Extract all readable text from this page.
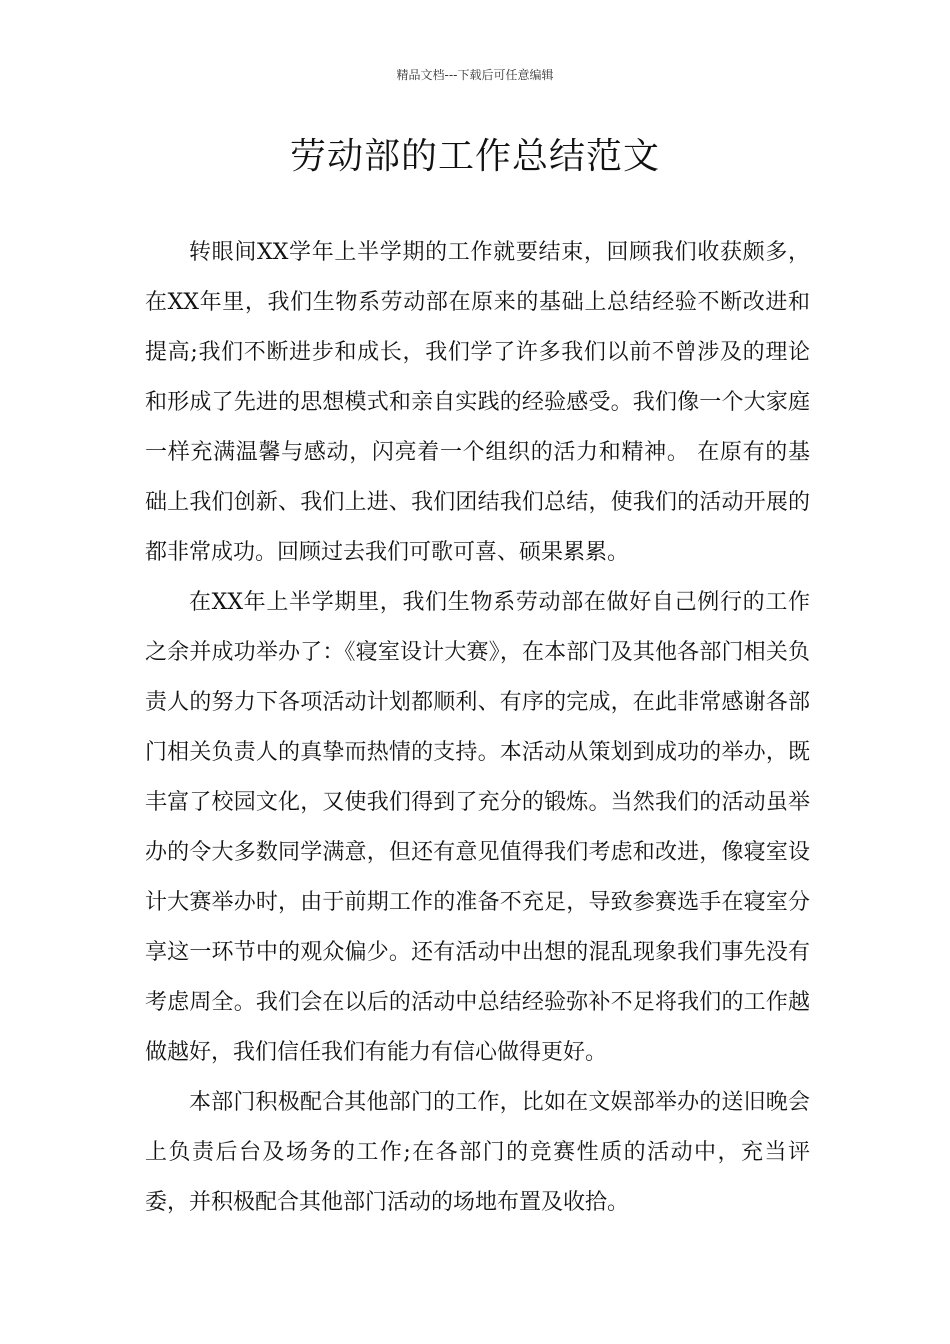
精品文档---下载后可任意编辑
劳动部的工作总结范文

转眼间XX学年上半学期的工作就要结束，回顾我们收获颇多，在XX年里，我们生物系劳动部在原来的基础上总结经验不断改进和提高;我们不断进步和成长，我们学了许多我们以前不曾涉及的理论和形成了先进的思想模式和亲自实践的经验感受。我们像一个大家庭一样充满温馨与感动，闪亮着一个组织的活力和精神。 在原有的基础上我们创新、我们上进、我们团结我们总结，使我们的活动开展的都非常成功。回顾过去我们可歌可喜、硕果累累。

在XX年上半学期里，我们生物系劳动部在做好自己例行的工作之余并成功举办了：《寝室设计大赛》，在本部门及其他各部门相关负责人的努力下各项活动计划都顺利、有序的完成，在此非常感谢各部门相关负责人的真挚而热情的支持。本活动从策划到成功的举办，既丰富了校园文化，又使我们得到了充分的锻炼。当然我们的活动虽举办的令大多数同学满意，但还有意见值得我们考虑和改进，像寝室设计大赛举办时，由于前期工作的准备不充足，导致参赛选手在寝室分享这一环节中的观众偏少。还有活动中出想的混乱现象我们事先没有考虑周全。我们会在以后的活动中总结经验弥补不足将我们的工作越做越好，我们信任我们有能力有信心做得更好。

本部门积极配合其他部门的工作，比如在文娱部举办的送旧晚会上负责后台及场务的工作;在各部门的竞赛性质的活动中，充当评委，并积极配合其他部门活动的场地布置及收拾。
